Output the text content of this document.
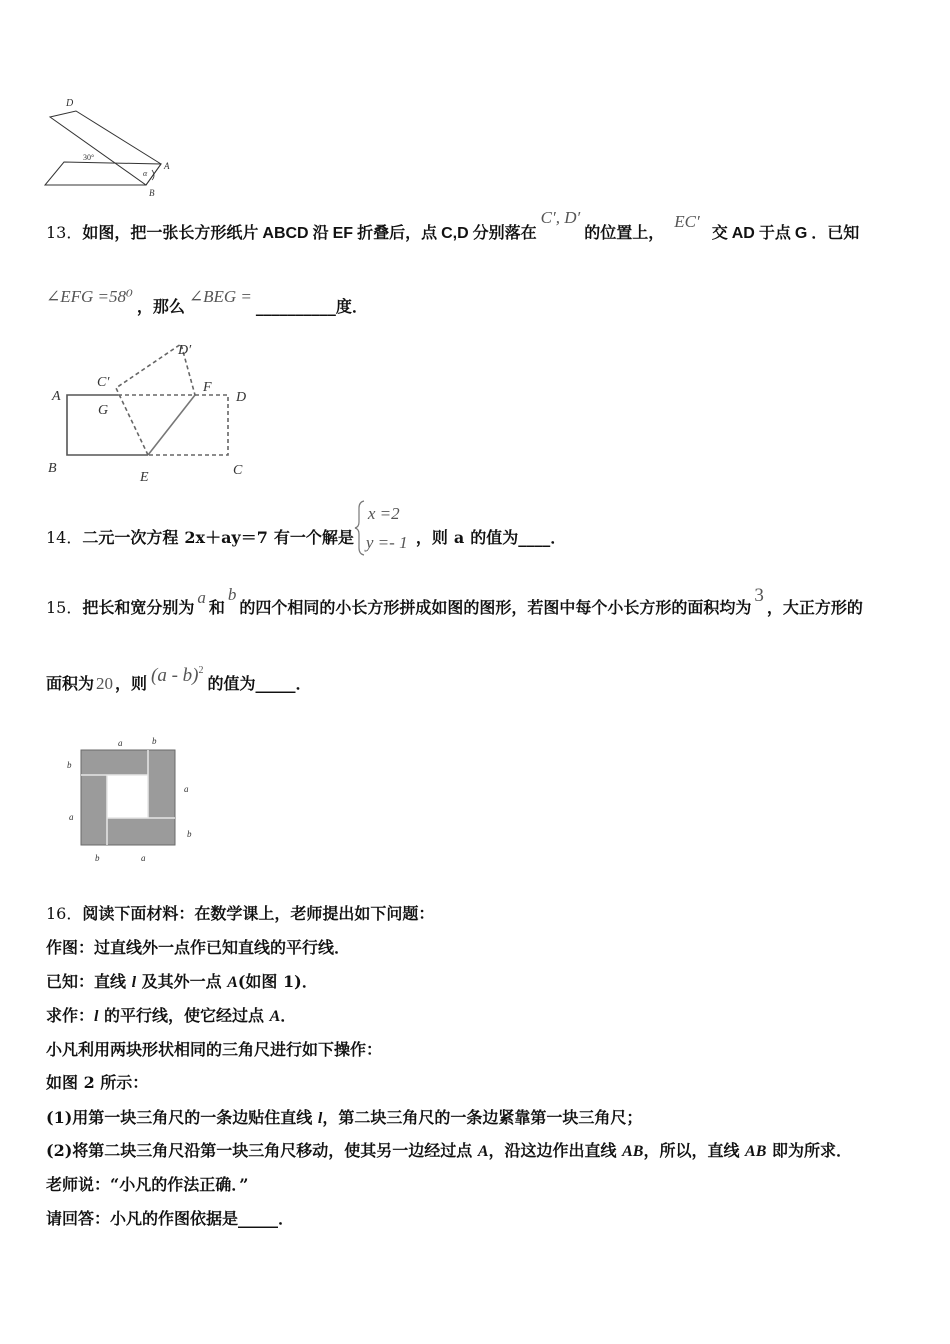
D
30°
α
A
B
13．如图，把一张长方形纸片 ABCD 沿 EF 折叠后，点 C,D 分别落在C′, D′的位置上，EC′交 AD 于点 G ．已知
∠EFG =58⁰，那么∠BEG =__________度．
A
C′
D′
G
F
D
B
E	C
14．二元一次方程 2x＋ay＝7 有一个解是
x =2
y =- 1 ，则 a 的值为____．
15．把长和宽分别为a和b的四个相同的小长方形拼成如图的图形，若图中每个小长方形的面积均为3，大正方形的
面积为 20 ，则 (a - b)$^2$的值为_____．
a	b
b
a
a
b
b	a
16．阅读下面材料：在数学课上，老师提出如下问题：
作图：过直线外一点作已知直线的平行线．
已知：直线 l 及其外一点 A(如图 1)．
求作：l 的平行线，使它经过点 A．
小凡利用两块形状相同的三角尺进行如下操作：
如图 2 所示：
(1)用第一块三角尺的一条边贴住直线 l，第二块三角尺的一条边紧靠第一块三角尺；
(2)将第二块三角尺沿第一块三角尺移动，使其另一边经过点 A，沿这边作出直线 AB，所以，直线 AB 即为所求．
老师说：“小凡的作法正确．”
请回答：小凡的作图依据是_____．
